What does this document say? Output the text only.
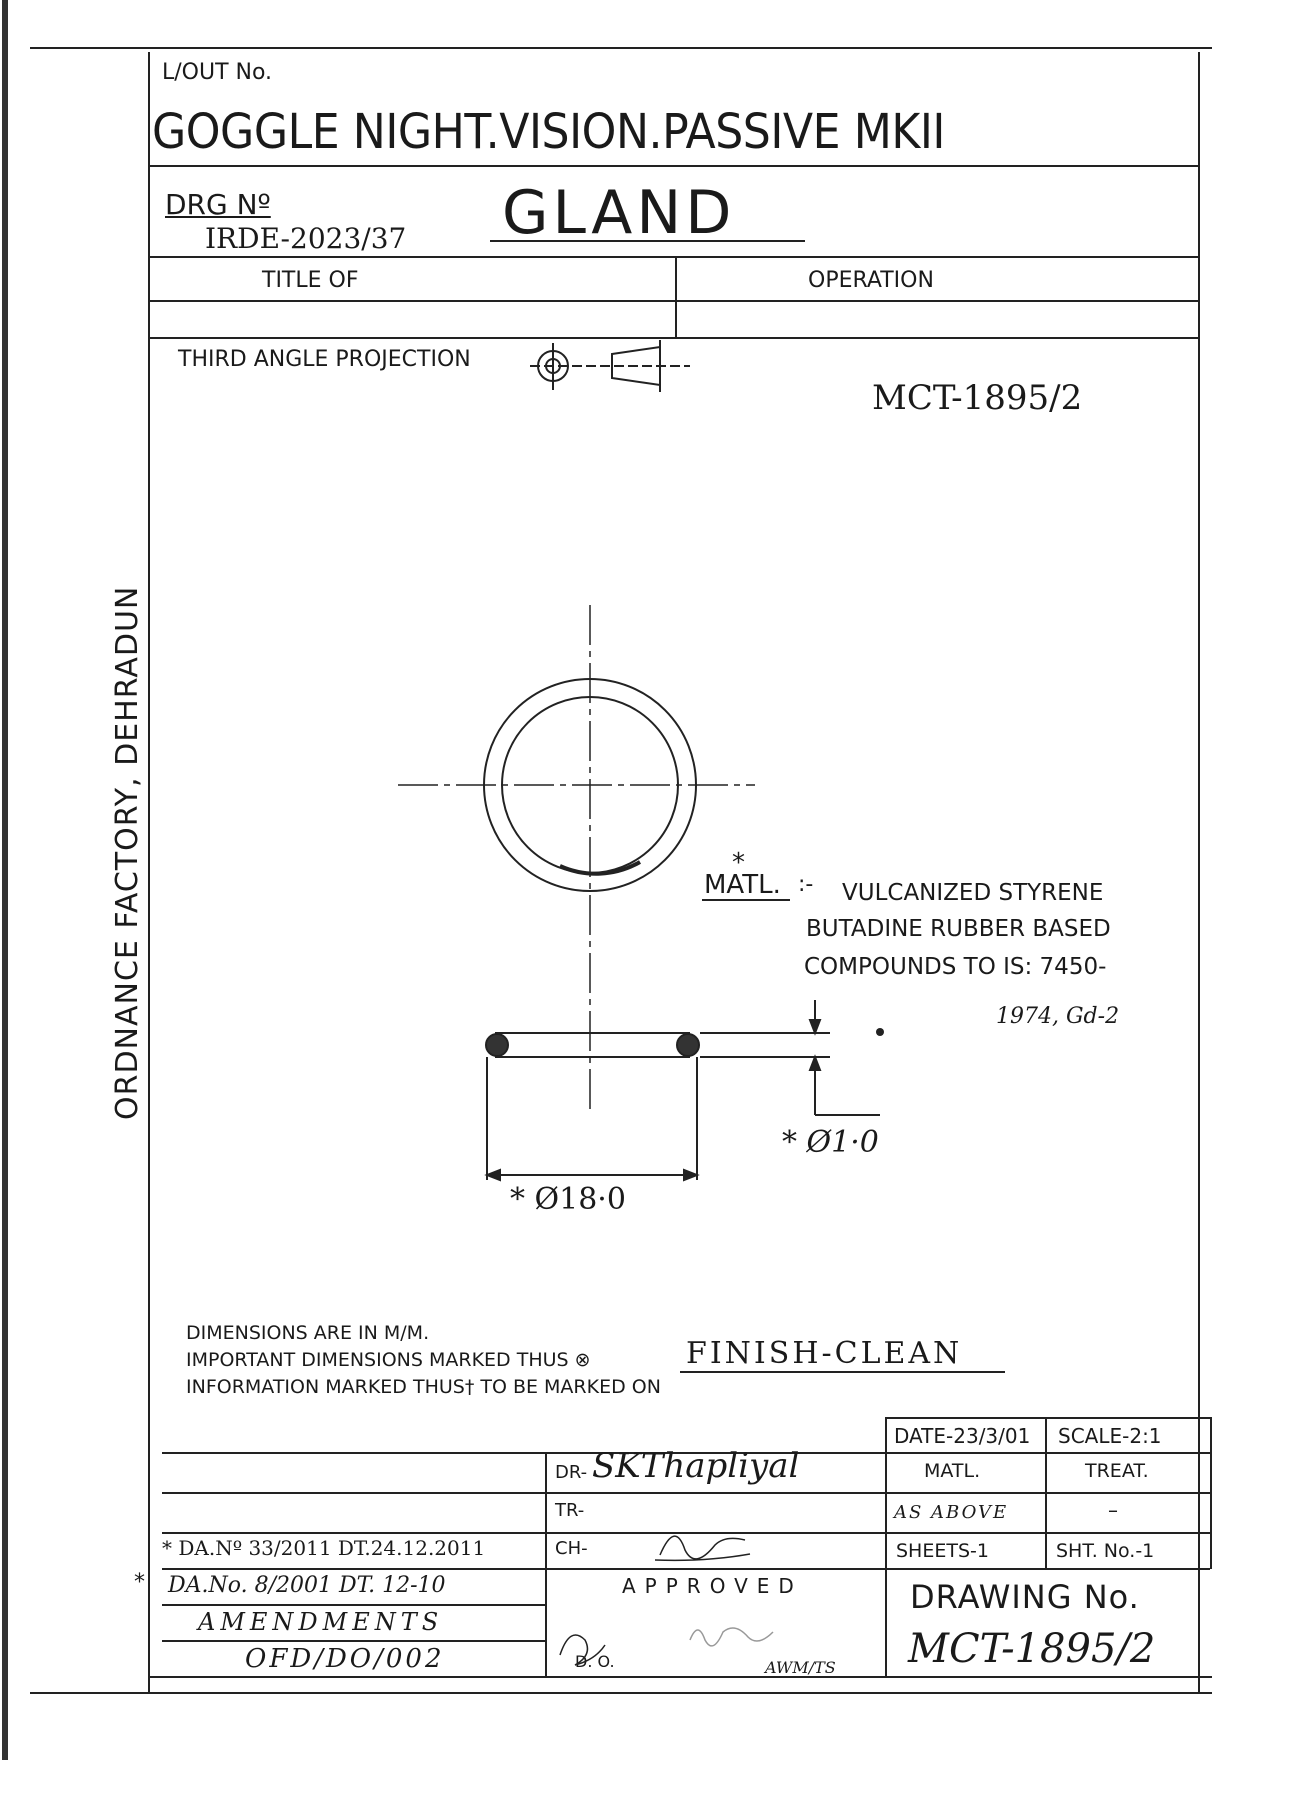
L/OUT No.
GOGGLE NIGHT.VISION.PASSIVE MKII
DRG Nº
IRDE-2023/37 GLAND
TITLE OF	OPERATION
THIRD ANGLE PROJECTION
MCT-1895/2
ORDNANCE FACTORY, DEHRADUN	*
MATL. :- VULCANIZED STYRENE
BUTADINE RUBBER BASED
COMPOUNDS TO IS: 7450-
1974, Gd-2
* Ø1·0
* Ø18·0
DIMENSIONS ARE IN M/M.
IMPORTANT DIMENSIONS MARKED THUS ⊗
INFORMATION MARKED THUS† TO BE MARKED ON
FINISH-CLEAN
DATE-23/3/01 SCALE-2:1
DR- SKThapliyal
TR-
CH-
MATL.	TREAT.
AS ABOVE	–
SHEETS-1	SHT. No.-1
APPROVED	DRAWING No.
MCT-1895/2
D. O.	AWM/TS
* DA.Nº 33/2011 DT.24.12.2011
* DA.No. 8/2001 DT. 12-10
AMENDMENTS
OFD/DO/002
